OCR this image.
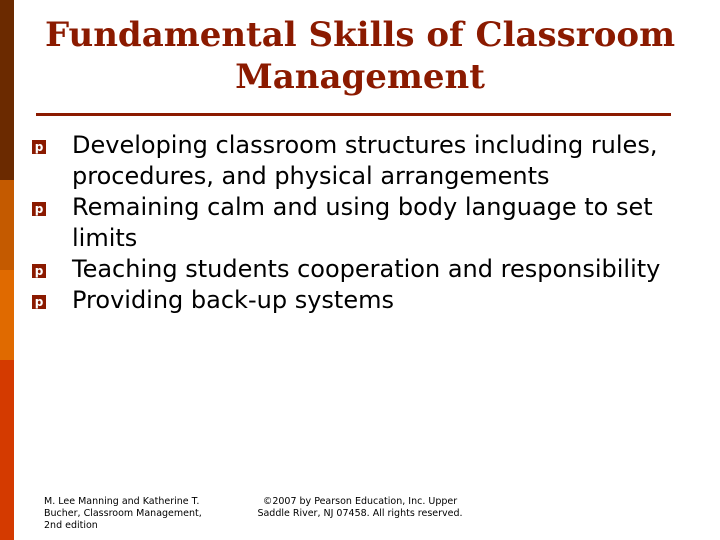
Fundamental Skills of Classroom Management
p Developing classroom structures including rules, procedures, and physical arrangements
p Remaining calm and using body language to set limits
p Teaching students cooperation and responsibility
p Providing back-up systems
M. Lee Manning and Katherine T. Bucher, Classroom Management, 2nd edition
©2007 by Pearson Education, Inc. Upper Saddle River, NJ 07458. All rights reserved.
